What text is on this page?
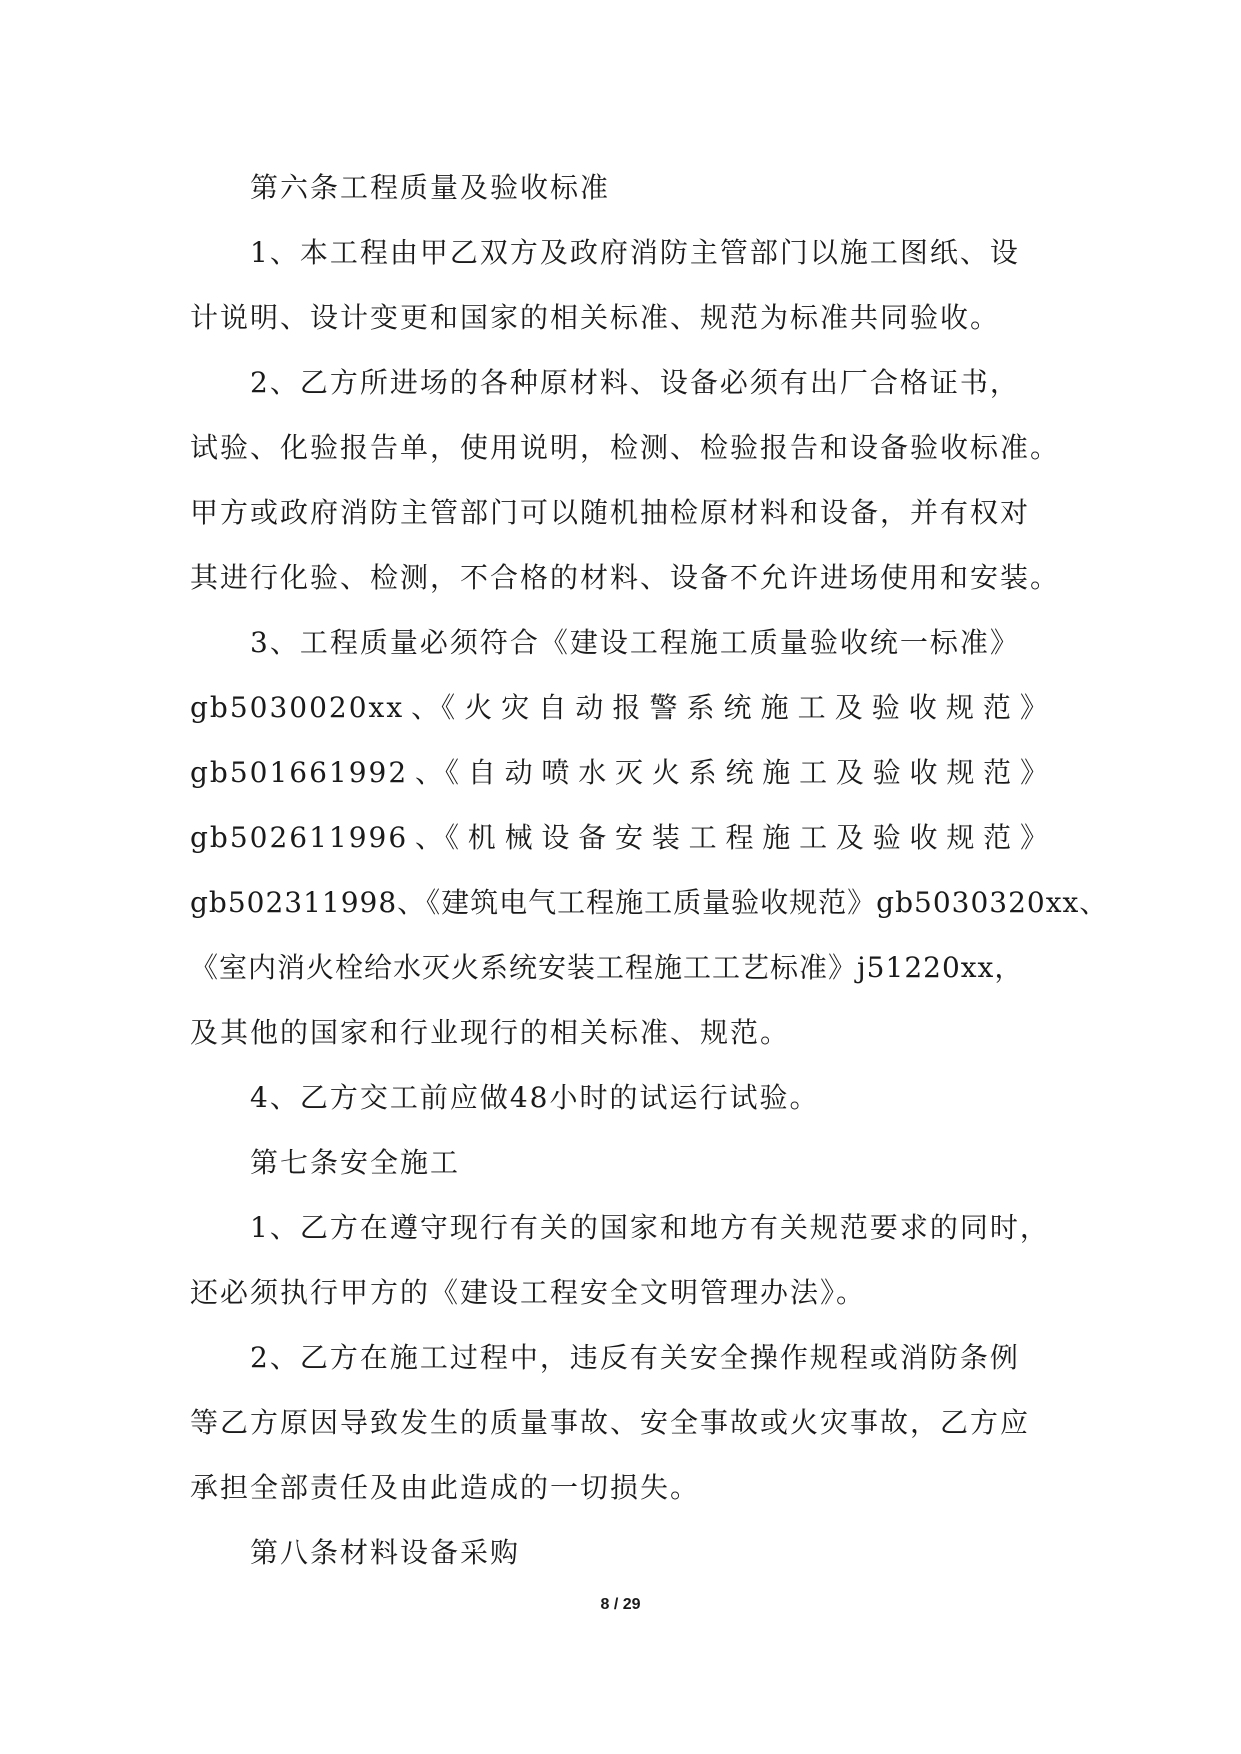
第六条工程质量及验收标准
1、本工程由甲乙双方及政府消防主管部门以施工图纸、设
计说明、设计变更和国家的相关标准、规范为标准共同验收。
2、乙方所进场的各种原材料、设备必须有出厂合格证书，
试验、化验报告单，使用说明，检测、检验报告和设备验收标准。
甲方或政府消防主管部门可以随机抽检原材料和设备，并有权对
其进行化验、检测，不合格的材料、设备不允许进场使用和安装。
3、工程质量必须符合《建设工程施工质量验收统一标准》
gb5030020xx 、《 火 灾 自 动 报 警 系 统 施 工 及 验 收 规 范 》
gb501661992 、《 自 动 喷 水 灭 火 系 统 施 工 及 验 收 规 范 》
gb502611996 、《 机 械 设 备 安 装 工 程 施 工 及 验 收 规 范 》
gb502311998、《建筑电气工程施工质量验收规范》gb5030320xx、
《室内消火栓给水灭火系统安装工程施工工艺标准》j51220xx，
及其他的国家和行业现行的相关标准、规范。
4、乙方交工前应做48小时的试运行试验。
第七条安全施工
1、乙方在遵守现行有关的国家和地方有关规范要求的同时，
还必须执行甲方的《建设工程安全文明管理办法》。
2、乙方在施工过程中，违反有关安全操作规程或消防条例
等乙方原因导致发生的质量事故、安全事故或火灾事故，乙方应
承担全部责任及由此造成的一切损失。
第八条材料设备采购
8 / 29
